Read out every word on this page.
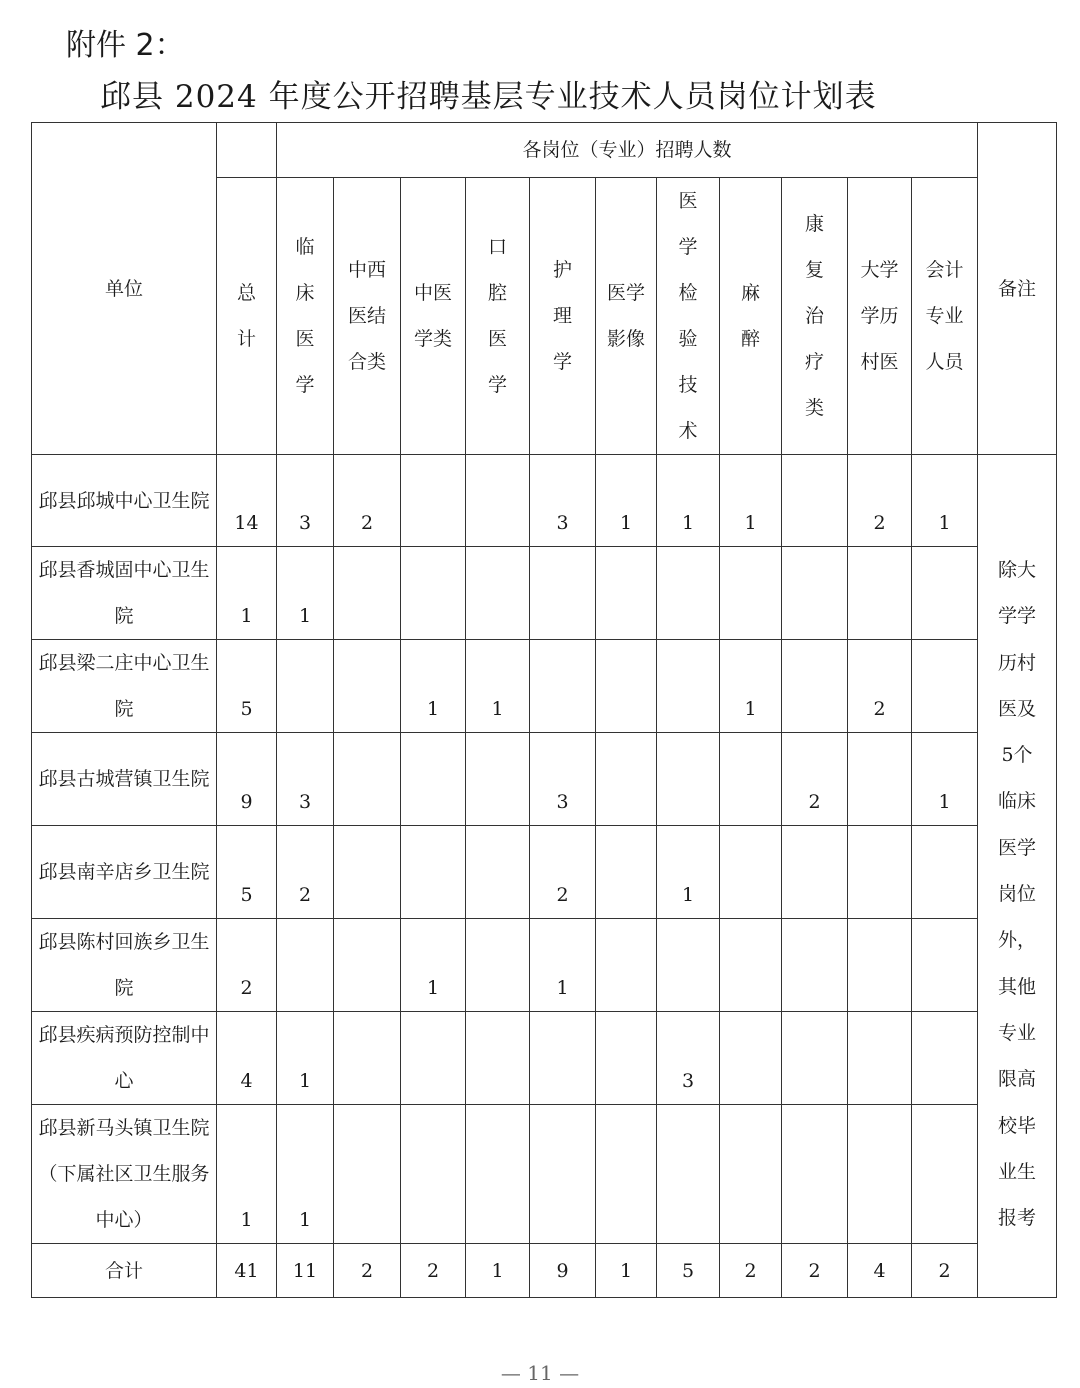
附件 2：
邱县 2024 年度公开招聘基层专业技术人员岗位计划表
单位		各岗位（专业）招聘人数											备注

	总计	临床医学	中西医结合类	中医学类	口腔医学	护理学	医学影像	医学检验技术	麻醉	康复治疗类	大学学历村医	会计专业人员	

邱县邱城中心卫生院	14	3	2			3	1	1	1		2	1	除大学学历村医及5个临床医学岗位外，其他专业限高校毕业生报考

邱县香城固中心卫生院	1	1											

邱县梁二庄中心卫生院	5			1	1				1		2		

邱县古城营镇卫生院	9	3				3				2		1	

邱县南辛店乡卫生院	5	2				2		1					

邱县陈村回族乡卫生院	2			1		1							

邱县疾病预防控制中心	4	1						3					

邱县新马头镇卫生院（下属社区卫生服务中心）	1	1											
合计	41	11	2	2	1	9	1	5	2	2	4	2	
— 11 —
